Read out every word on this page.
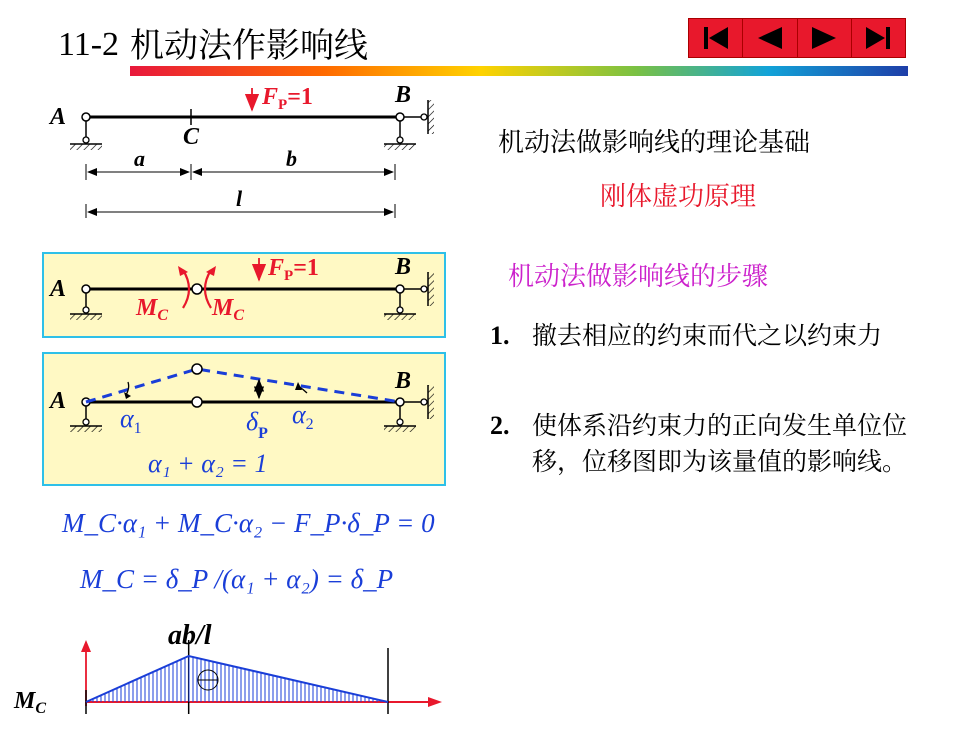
11-2 机动法作影响线
机动法做影响线的理论基础
刚体虚功原理
机动法做影响线的步骤
1. 撤去相应的约束而代之以约束力
2. 使体系沿约束力的正向发生单位位移，位移图即为该量值的影响线。
A
B
C
$F_P=1$
a	b
l
A
B
$F_P=1$
$M_C$ $M_C$
A
B
$\alpha_1$	$\delta_P$
$\alpha_2$
α₁ + α₂ = 1
M_C·α₁ + M_C·α₂ − F_P·δ_P = 0
M_C = δ_P /(α₁ + α₂) = δ_P
ab/l
$M_C$
